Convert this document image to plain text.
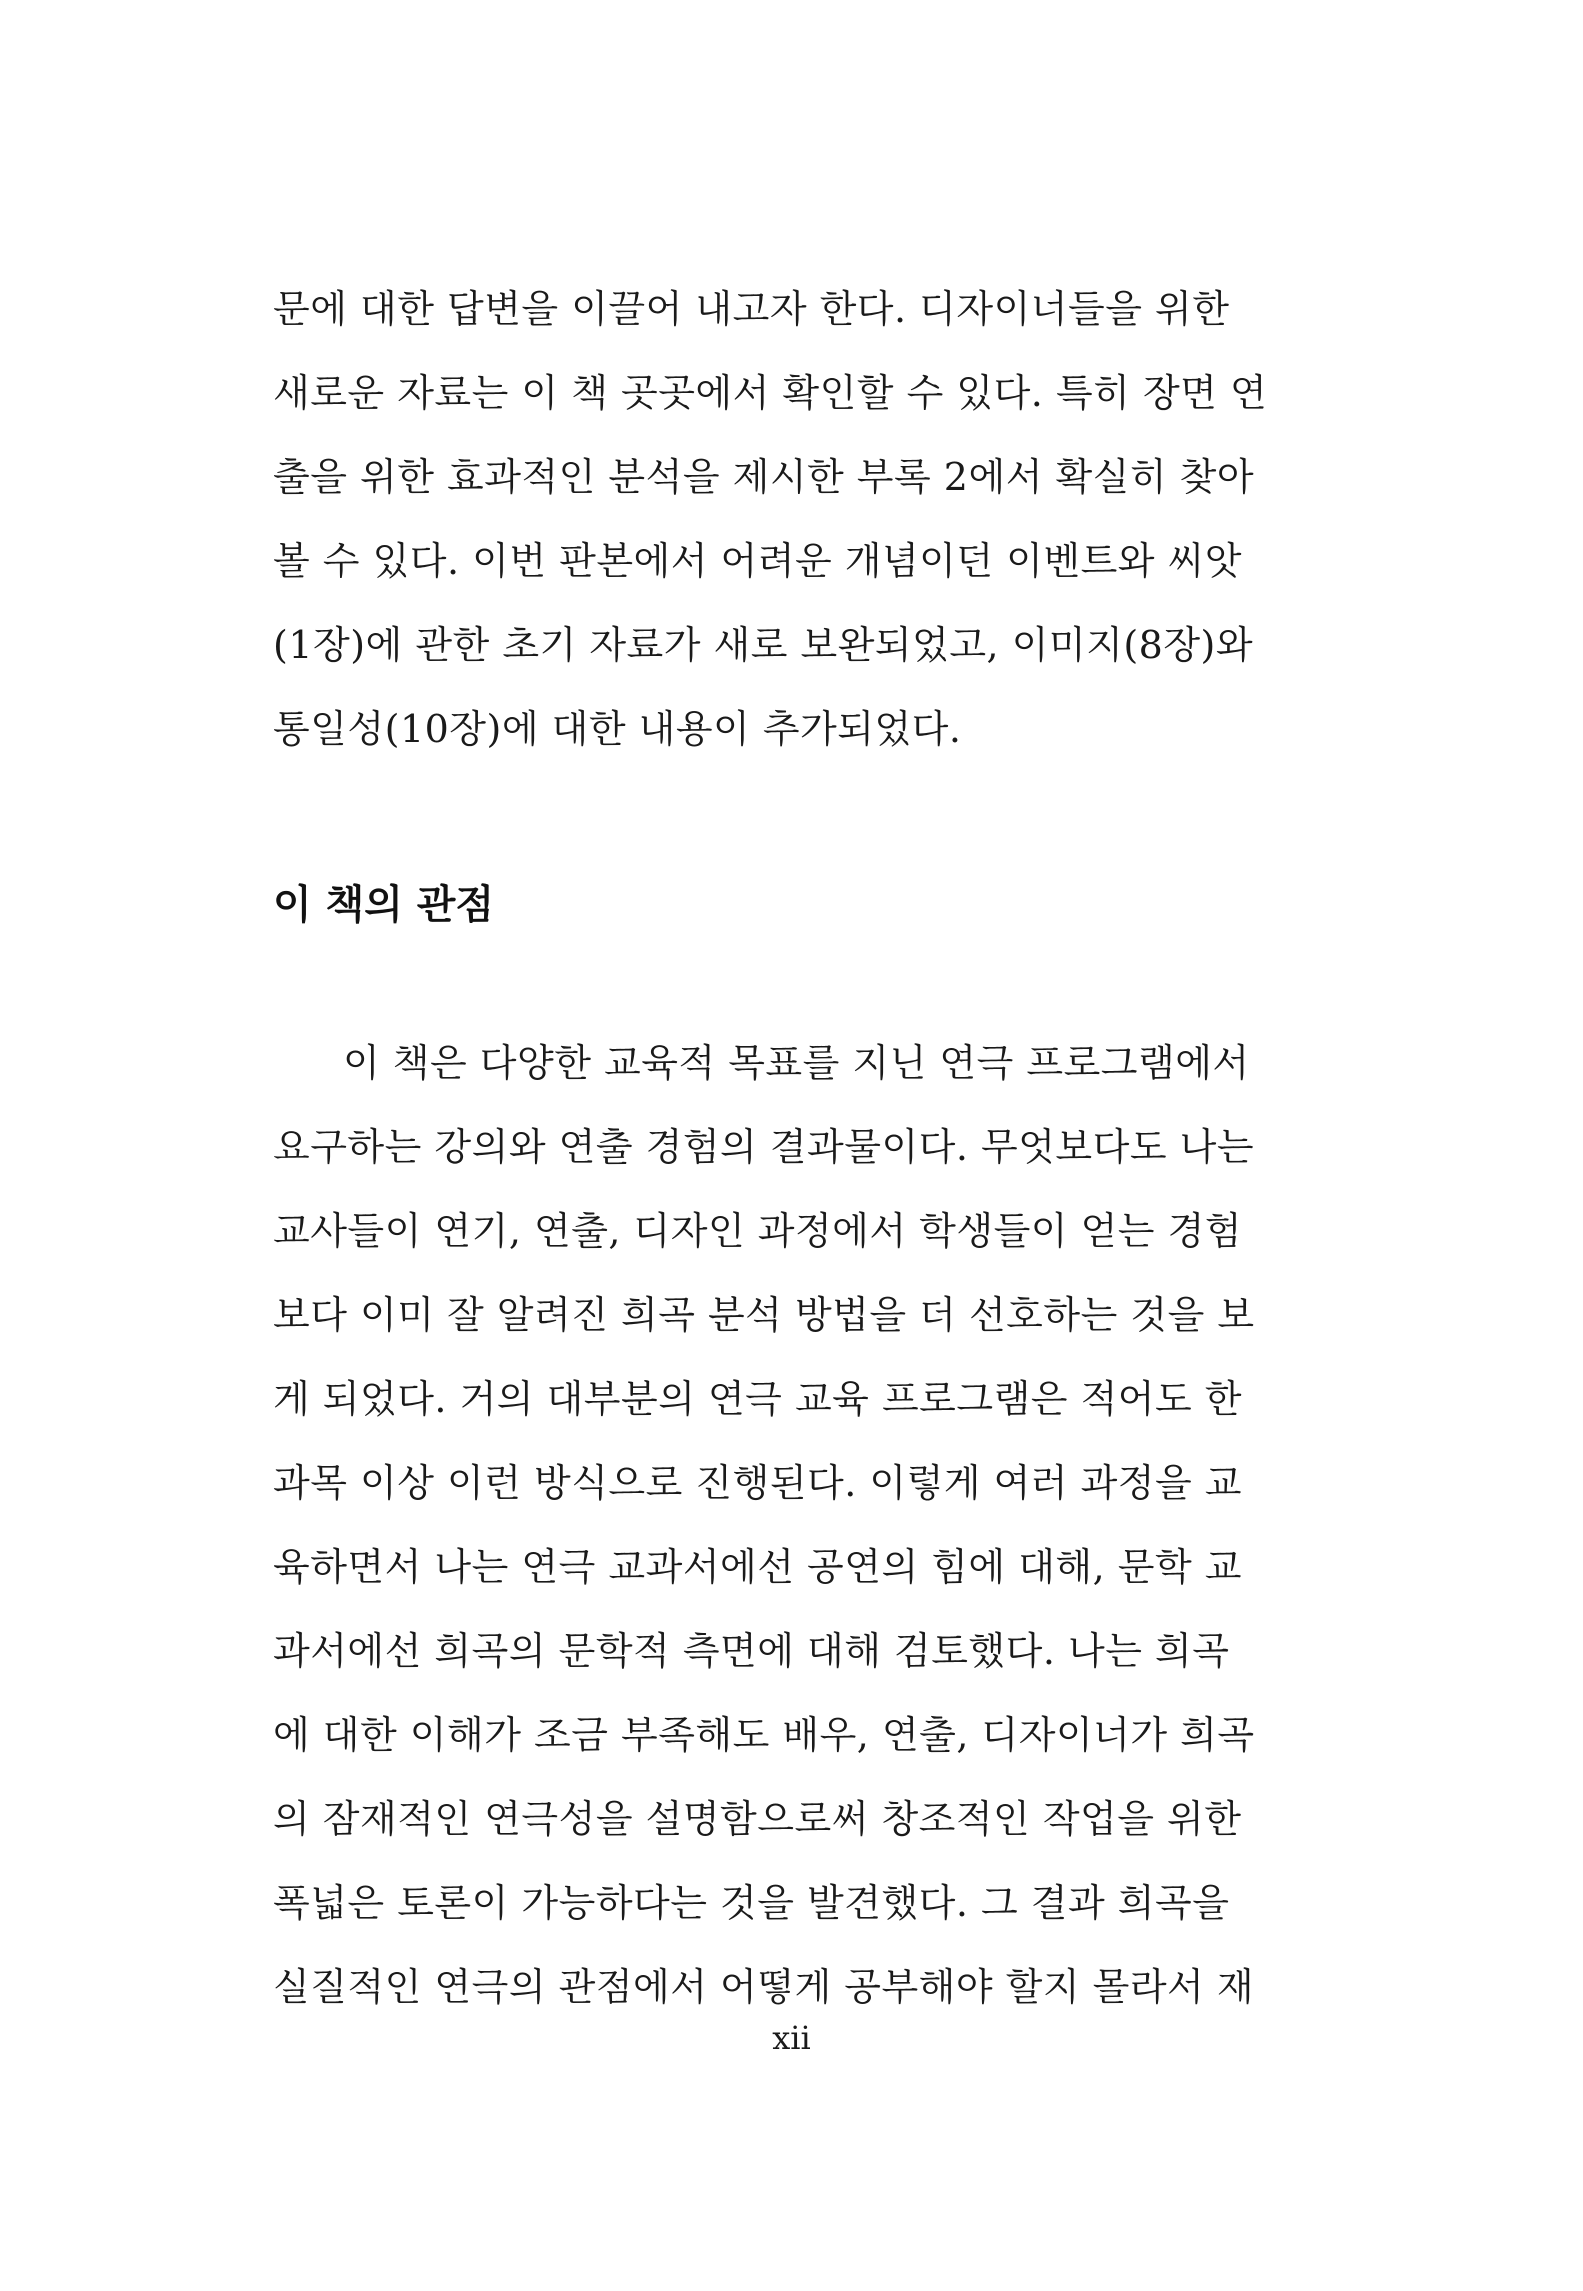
문에 대한 답변을 이끌어 내고자 한다. 디자이너들을 위한
새로운 자료는 이 책 곳곳에서 확인할 수 있다. 특히 장면 연
출을 위한 효과적인 분석을 제시한 부록 2에서 확실히 찾아
볼 수 있다. 이번 판본에서 어려운 개념이던 이벤트와 씨앗
(1장)에 관한 초기 자료가 새로 보완되었고, 이미지(8장)와
통일성(10장)에 대한 내용이 추가되었다.
이 책의 관점
이 책은 다양한 교육적 목표를 지닌 연극 프로그램에서
요구하는 강의와 연출 경험의 결과물이다. 무엇보다도 나는
교사들이 연기, 연출, 디자인 과정에서 학생들이 얻는 경험
보다 이미 잘 알려진 희곡 분석 방법을 더 선호하는 것을 보
게 되었다. 거의 대부분의 연극 교육 프로그램은 적어도 한
과목 이상 이런 방식으로 진행된다. 이렇게 여러 과정을 교
육하면서 나는 연극 교과서에선 공연의 힘에 대해, 문학 교
과서에선 희곡의 문학적 측면에 대해 검토했다. 나는 희곡
에 대한 이해가 조금 부족해도 배우, 연출, 디자이너가 희곡
의 잠재적인 연극성을 설명함으로써 창조적인 작업을 위한
폭넓은 토론이 가능하다는 것을 발견했다. 그 결과 희곡을
실질적인 연극의 관점에서 어떻게 공부해야 할지 몰라서 재
xii
